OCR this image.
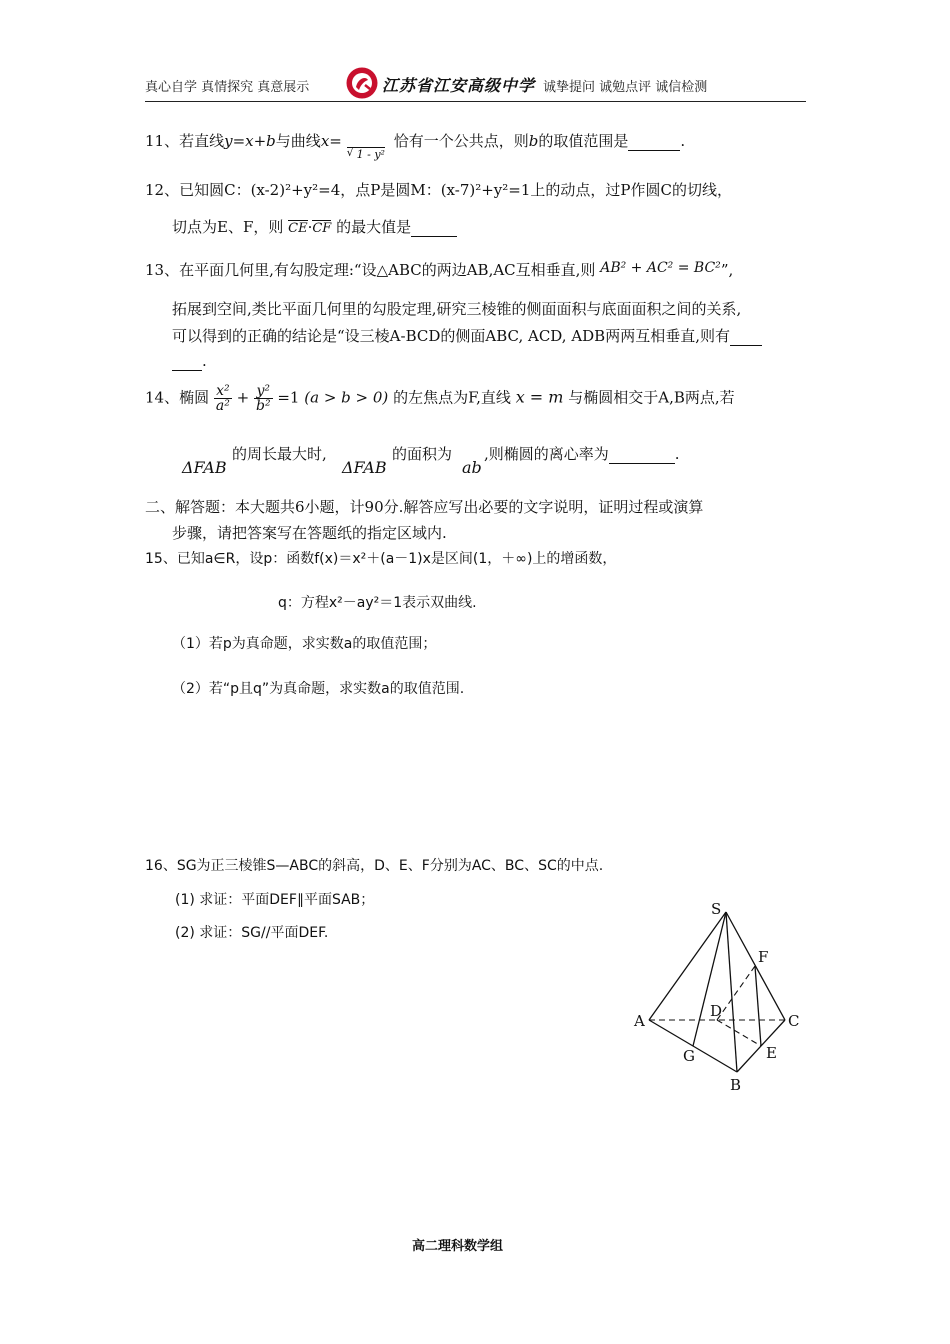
真心自学 真情探究 真意展示	江苏省江安高级中学 诚挚提问 诚勉点评 诚信检测
11、若直线y=x+b与曲线x=
√ 1 - y² 恰有一个公共点，则b的取值范围是	.
12、已知圆C：(x-2)²+y²=4，点P是圆M：(x-7)²+y²=1上的动点，过P作圆C的切线，
切点为E、F，则 CE·CF 的最大值是
13、在平面几何里,有勾股定理:“设△ABC的两边AB,AC互相垂直,则 AB² + AC² = BC²”,
拓展到空间,类比平面几何里的勾股定理,研究三棱锥的侧面面积与底面面积之间的关系,
可以得到的正确的结论是“设三棱A-BCD的侧面ABC, ACD, ADB两两互相垂直,则有
.
14、椭圆 $\frac{\text{x²}}{\text{a²}} + \frac{\text{y²}}{\text{b²}} =1$ (a > b > 0) 的左焦点为F,直线 x = m 与椭圆相交于A,B两点,若
ΔFAB
的周长最大时,
ΔFAB
的面积为
ab
,则椭圆的离心率为	.
二、解答题：本大题共6小题，计90分.解答应写出必要的文字说明，证明过程或演算
步骤，请把答案写在答题纸的指定区域内.
15、已知a∈R，设p：函数f(x)＝x²＋(a－1)x是区间(1，＋∞)上的增函数，
q：方程x²－ay²＝1表示双曲线.
（1）若p为真命题，求实数a的取值范围；
（2）若“p且q”为真命题，求实数a的取值范围.
16、SG为正三棱锥S—ABC的斜高，D、E、F分别为AC、BC、SC的中点.
(1) 求证：平面DEF∥平面SAB；
(2) 求证：SG//平面DEF.
S
A
B
C
D
E
F
G
高二理科数学组
